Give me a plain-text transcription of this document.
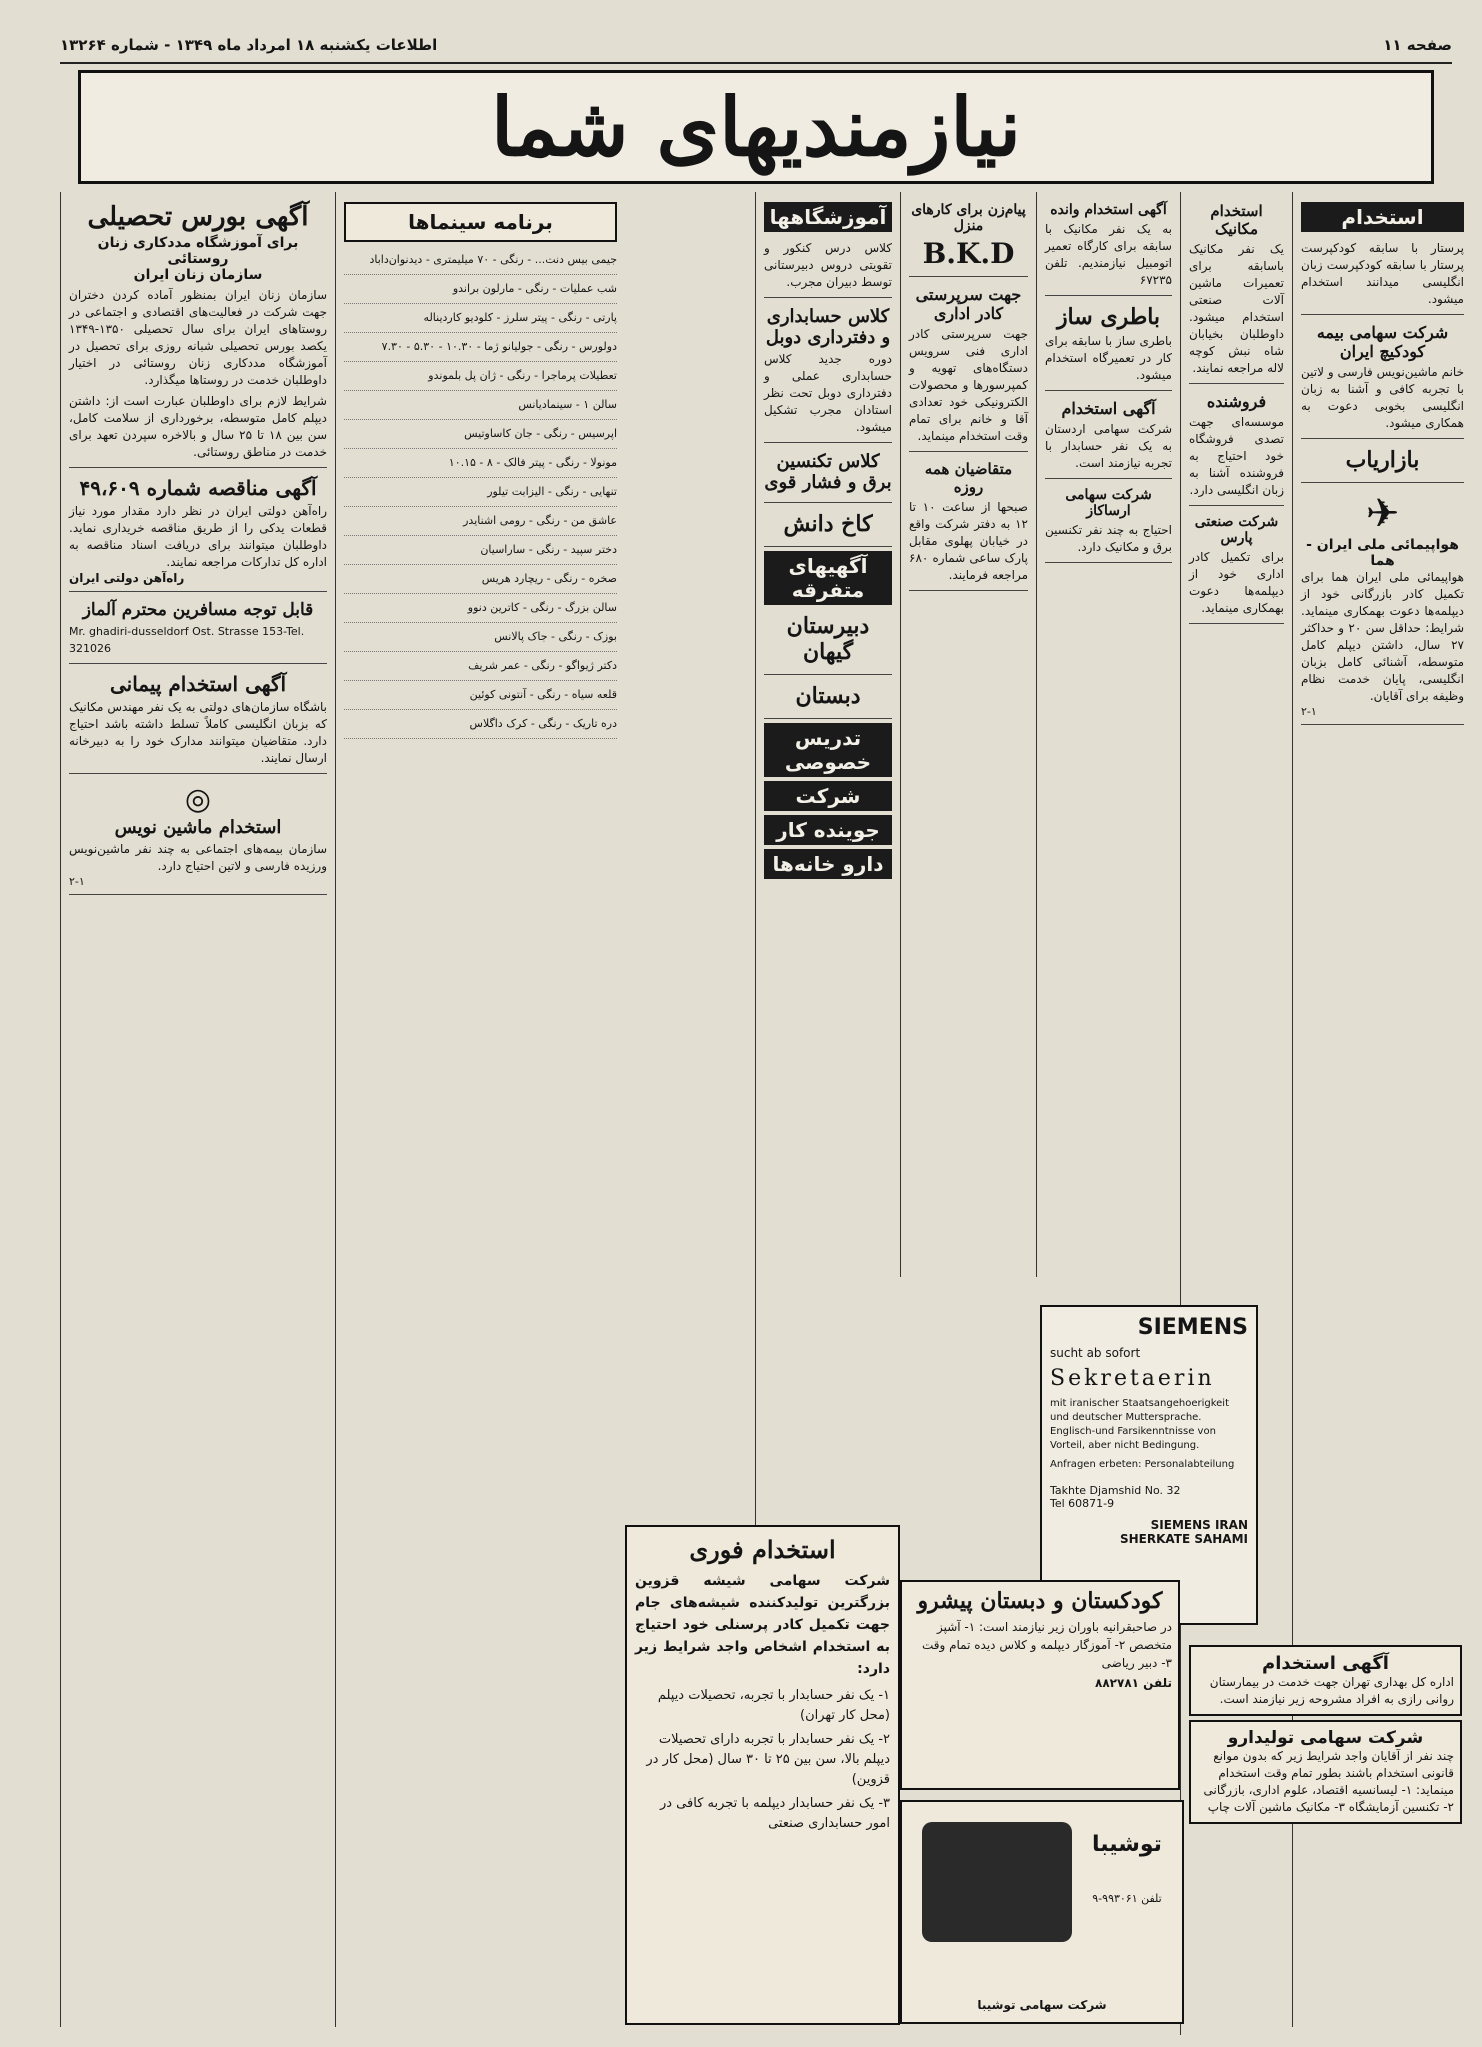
صفحه ۱۱
اطلاعات یکشنبه ۱۸ امرداد ماه ۱۳۴۹ - شماره ۱۳۲۶۴
نیازمندیهای شما
استخدام

پرستار با سابقه کودکپرست پرستار با سابقه کودکپرست زبان انگلیسی میدانند استخدام میشود.

شرکت سهامی بیمه کودکیچ ایران

خانم ماشین‌نویس فارسی و لاتین با تجربه کافی و آشنا به زبان انگلیسی بخوبی دعوت به همکاری میشود.

بازاریاب
✈
هواپیمائی ملی ایران - هما

هواپیمائی ملی ایران هما برای تکمیل کادر بازرگانی خود از دیپلمه‌ها دعوت بهمکاری مینماید. شرایط: حداقل سن ۲۰ و حداکثر ۲۷ سال، داشتن دیپلم کامل متوسطه، آشنائی کامل بزبان انگلیسی، پایان خدمت نظام وظیفه برای آقایان.

۲-۱
استخدام مکانیک

یک نفر مکانیک باسابقه برای تعمیرات ماشین آلات صنعتی استخدام میشود. داوطلبان بخیابان شاه نبش کوچه لاله مراجعه نمایند.

فروشنده

موسسه‌ای جهت تصدی فروشگاه خود احتیاج به فروشنده آشنا به زبان انگلیسی دارد.

شرکت صنعتی پارس

برای تکمیل کادر اداری خود از دیپلمه‌ها دعوت بهمکاری مینماید.

آگهی استخدام وانده

به یک نفر مکانیک با سابقه برای کارگاه تعمیر اتومبیل نیازمندیم. تلفن ۶۷۲۳۵

باطری ساز

باطری ساز با سابقه برای کار در تعمیرگاه استخدام میشود.

آگهی استخدام

شرکت سهامی اردستان به یک نفر حسابدار با تجربه نیازمند است.

شرکت سهامی ارساکاز

احتیاج به چند نفر تکنسین برق و مکانیک دارد.

پیام‌زن برای کارهای منزل
B.K.D
جهت سرپرستی کادر اداری

جهت سرپرستی کادر اداری فنی سرویس دستگاه‌های تهویه و کمپرسورها و محصولات الکترونیکی خود تعدادی آقا و خانم برای تمام وقت استخدام مینماید.

متقاضیان همه روزه

صبحها از ساعت ۱۰ تا ۱۲ به دفتر شرکت واقع در خیابان پهلوی مقابل پارک ساعی شماره ۶۸۰ مراجعه فرمایند.

آموزشگاهها

کلاس درس کنکور و تقویتی دروس دبیرستانی توسط دبیران مجرب.

کلاس حسابداری و دفترداری دوبل

دوره جدید کلاس حسابداری عملی و دفترداری دوبل تحت نظر استادان مجرب تشکیل میشود.

کلاس تکنسین برق و فشار قوی
کاخ دانش
آگهیهای متفرقه
دبیرستان گیهان
دبستان
تدریس خصوصی
شرکت
جوینده کار
دارو خانه‌ها
برنامه سینماها

جیمی بیس دنت... - رنگی - ۷۰ میلیمتری - دیدنوان‌داباد

شب عملیات - رنگی - مارلون براندو

پارتی - رنگی - پیتر سلرز - کلودیو کاردیناله

دولورس - رنگی - جولیانو ژما - ۱۰.۳۰ - ۵.۳۰ - ۷.۳۰

تعطیلات پرماجرا - رنگی - ژان پل بلموندو

سالن ۱ - سینمادیانس

اپرسیس - رنگی - جان کاساوتیس

مونولا - رنگی - پیتر فالک - ۸ - ۱۰.۱۵

تنهایی - رنگی - الیزابت تیلور

عاشق من - رنگی - رومی اشنایدر

دختر سپید - رنگی - ساراسیان

صخره - رنگی - ریچارد هریس

سالن بزرگ - رنگی - کاترین دنوو

بوزک - رنگی - جاک پالانس

دکتر ژیواگو - رنگی - عمر شریف

قلعه سیاه - رنگی - آنتونی کوئین

دره تاریک - رنگی - کرک داگلاس

آگهی بورس تحصیلی
برای آموزشگاه مددکاری زنان روستائی
سازمان زنان ایران

سازمان زنان ایران بمنظور آماده کردن دختران جهت شرکت در فعالیت‌های اقتصادی و اجتماعی در روستاهای ایران برای سال تحصیلی ۱۳۵۰-۱۳۴۹ یکصد بورس تحصیلی شبانه روزی برای تحصیل در آموزشگاه مددکاری زنان روستائی در اختیار داوطلبان خدمت در روستاها میگذارد.

شرایط لازم برای داوطلبان عبارت است از: داشتن دیپلم کامل متوسطه، برخورداری از سلامت کامل، سن بین ۱۸ تا ۲۵ سال و بالاخره سپردن تعهد برای خدمت در مناطق روستائی.

آگهی مناقصه شماره ۴۹،۶۰۹

راه‌آهن دولتی ایران در نظر دارد مقدار مورد نیاز قطعات یدکی را از طریق مناقصه خریداری نماید. داوطلبان میتوانند برای دریافت اسناد مناقصه به اداره کل تدارکات مراجعه نمایند.

راه‌آهن دولتی ایران
قابل توجه مسافرین محترم آلماز

Mr. ghadiri-dusseldorf Ost. Strasse 153-Tel. 321026

آگهی استخدام پیمانی

باشگاه سازمان‌های دولتی به یک نفر مهندس مکانیک که بزبان انگلیسی کاملاً تسلط داشته باشد احتیاج دارد. متقاضیان میتوانند مدارک خود را به دبیرخانه ارسال نمایند.

◎
استخدام ماشین نویس

سازمان بیمه‌های اجتماعی به چند نفر ماشین‌نویس ورزیده فارسی و لاتین احتیاج دارد.

۲-۱
SIEMENS
sucht ab sofort
Sekretaerin
mit iranischer Staatsangehoerigkeit und deutscher Muttersprache. Englisch-und Farsikenntnisse von Vorteil, aber nicht Bedingung.
Anfragen erbeten: Personalabteilung
Takhte Djamshid No. 32
Tel 60871-9
SIEMENS IRAN
SHERKATE SAHAMI
آگهی استخدام

اداره کل بهداری تهران جهت خدمت در بیمارستان روانی رازی به افراد مشروحه زیر نیازمند است.

شرکت سهامی تولیدارو

چند نفر از آقایان واجد شرایط زیر که بدون موانع قانونی استخدام باشند بطور تمام وقت استخدام مینماید: ۱- لیسانسیه اقتصاد، علوم اداری، بازرگانی ۲- تکنسین آزمایشگاه ۳- مکانیک ماشین آلات چاپ

کودکستان و دبستان پیشرو

در صاحبقرانیه باوران زیر نیازمند است: ۱- آشپز متخصص ۲- آموزگار دیپلمه و کلاس دیده تمام وقت ۳- دبیر ریاضی

تلفن ۸۸۲۷۸۱
توشیبا
تلفن ۹۹۳۰۶۱-۹
شرکت سهامی توشیبا
استخدام فوری

شرکت سهامی شیشه قزوین بزرگترین تولیدکننده شیشه‌های جام جهت تکمیل کادر پرسنلی خود احتیاج به استخدام اشخاص واجد شرایط زیر دارد:

۱- یک نفر حسابدار با تجربه، تحصیلات دیپلم (محل کار تهران)

۲- یک نفر حسابدار با تجربه دارای تحصیلات دیپلم بالا، سن بین ۲۵ تا ۳۰ سال (محل کار در قزوین)

۳- یک نفر حسابدار دیپلمه با تجربه کافی در امور حسابداری صنعتی
